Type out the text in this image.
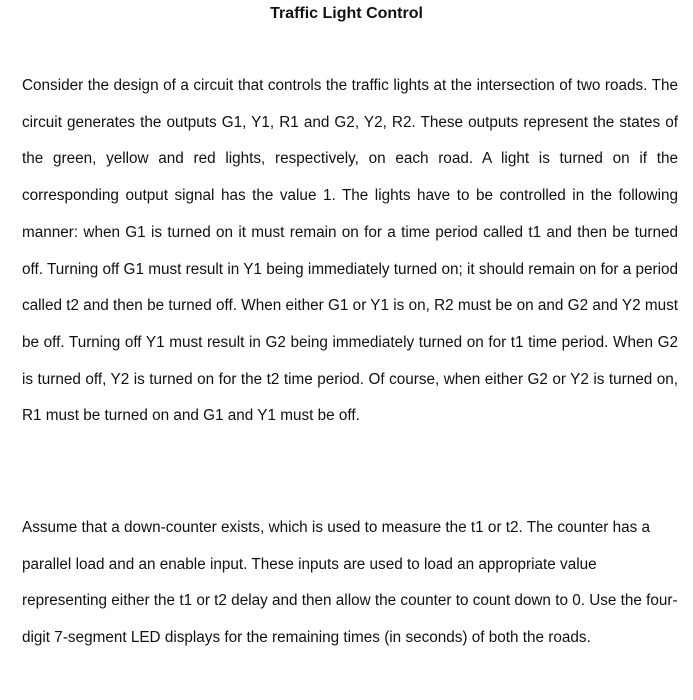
Traffic Light Control

Consider the design of a circuit that controls the traffic lights at the intersection of two roads. The circuit generates the outputs G1, Y1, R1 and G2, Y2, R2. These outputs represent the states of the green, yellow and red lights, respectively, on each road. A light is turned on if the corresponding output signal has the value 1. The lights have to be controlled in the following manner: when G1 is turned on it must remain on for a time period called t1 and then be turned off. Turning off G1 must result in Y1 being immediately turned on; it should remain on for a period called t2 and then be turned off. When either G1 or Y1 is on, R2 must be on and G2 and Y2 must be off. Turning off Y1 must result in G2 being immediately turned on for t1 time period. When G2 is turned off, Y2 is turned on for the t2 time period. Of course, when either G2 or Y2 is turned on, R1 must be turned on and G1 and Y1 must be off.

Assume that a down-counter exists, which is used to measure the t1 or t2. The counter has a parallel load and an enable input. These inputs are used to load an appropriate value representing either the t1 or t2 delay and then allow the counter to count down to 0. Use the four-digit 7-segment LED displays for the remaining times (in seconds) of both the roads.
